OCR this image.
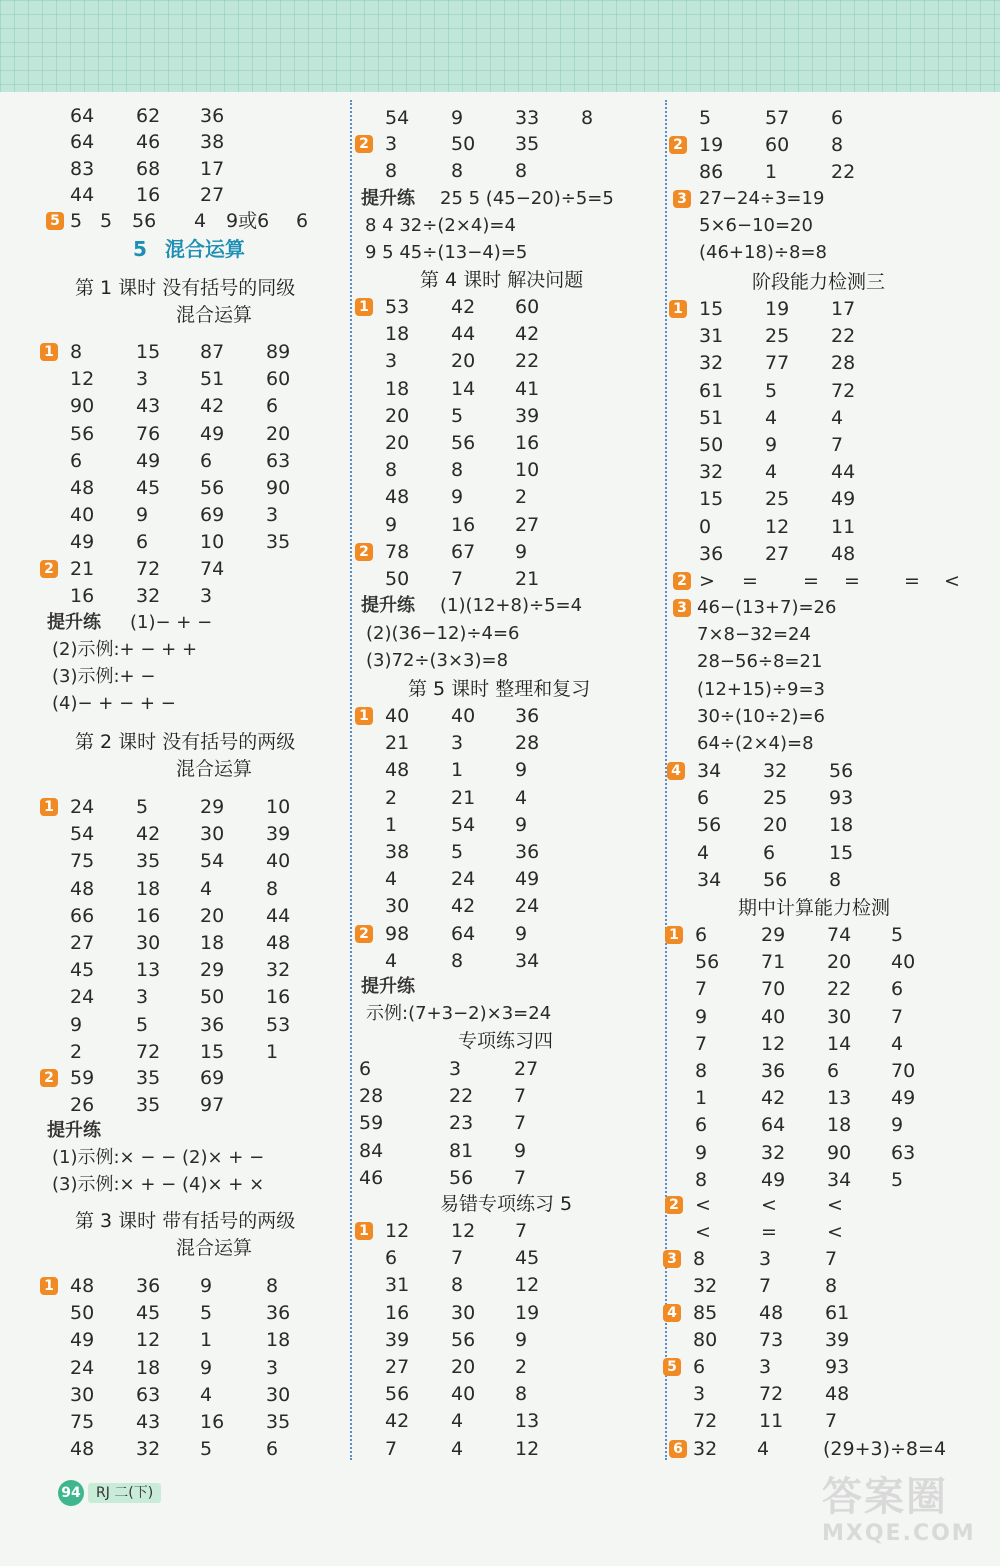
64 62 36
64 46 38
83 68 17
44 16 27
5 5 5 56 4 9或6 6
5 混合运算
第 1 课时 没有括号的同级
混合运算
1 8	15 87 89
12 3	51 60
90 43 42 6
56 76 49 20
6	49 6	63
48 45 56 90
40 9	69 3
49 6	10 35
2 21 72 74
16 32 3
提升练 (1)− + −
(2)示例:+ − + +
(3)示例:+ −
(4)− + − + −
第 2 课时 没有括号的两级
混合运算
1 24 5	29 10
54 42 30 39
75 35 54 40
48 18 4	8
66 16 20 44
27 30 18 48
45 13 29 32
24 3	50 16
9	5	36 53
2	72 15 1
2 59 35 69
26 35 97
提升练
(1)示例:× − − (2)× + −
(3)示例:× + − (4)× + ×
第 3 课时 带有括号的两级
混合运算
1 48 36 9	8
50 45 5	36
49 12 1	18
24 18 9	3
30 63 4	30
75 43 16 35
48 32 5	6
54 9	33 8
2 3	50 35
8	8	8
提升练 25 5 (45−20)÷5=5
8 4 32÷(2×4)=4
9 5 45÷(13−4)=5
第 4 课时 解决问题
1 53 42 60
18 44 42
3	20 22
18 14 41
20 5	39
20 56 16
8	8	10
48 9	2
9	16 27
2 78 67 9
50 7	21
提升练 (1)(12+8)÷5=4
(2)(36−12)÷4=6
(3)72÷(3×3)=8
第 5 课时 整理和复习
1 40 40 36
21 3	28
48 1	9
2	21 4
1	54 9
38 5	36
4	24 49
30 42 24
2 98 64 9
4	8	34
提升练
示例:(7+3−2)×3=24
专项练习四
6	3	27
28	22 7
59	23 7
84	81 9
46	56 7
易错专项练习 5
1 12 12 7
6	7	45
31 8	12
16 30 19
39 56 9
27 20 2
56 40 8
42 4	13
7	4	12
5	57 6
2 19 60 8
86 1	22
3 27−24÷3=19
5×6−10=20
(46+18)÷8=8
阶段能力检测三
1 15 19 17
31 25 22
32 77 28
61 5	72
51 4	4
50 9	7
32 4	44
15 25 49
0	12 11
36 27 48
2 > = = = = <
3 46−(13+7)=26
7×8−32=24
28−56÷8=21
(12+15)÷9=3
30÷(10÷2)=6
64÷(2×4)=8
4 34 32 56
6	25 93
56 20 18
4	6	15
34 56 8
期中计算能力检测
1 6	29 74 5
56 71 20 40
7	70 22 6
9	40 30 7
7	12 14 4
8	36 6	70
1	42 13 49
6	64 18 9
9	32 90 63
8	49 34 5
2 <	<	<
<	=	<
3 8	3	7
32 7	8
4 85 48 61
80 73 39
5 6	3	93
3	72 48
72 11 7
6 32 4	(29+3)÷8=4
94	RJ 二(下)	答案圈
MXQE.COM
